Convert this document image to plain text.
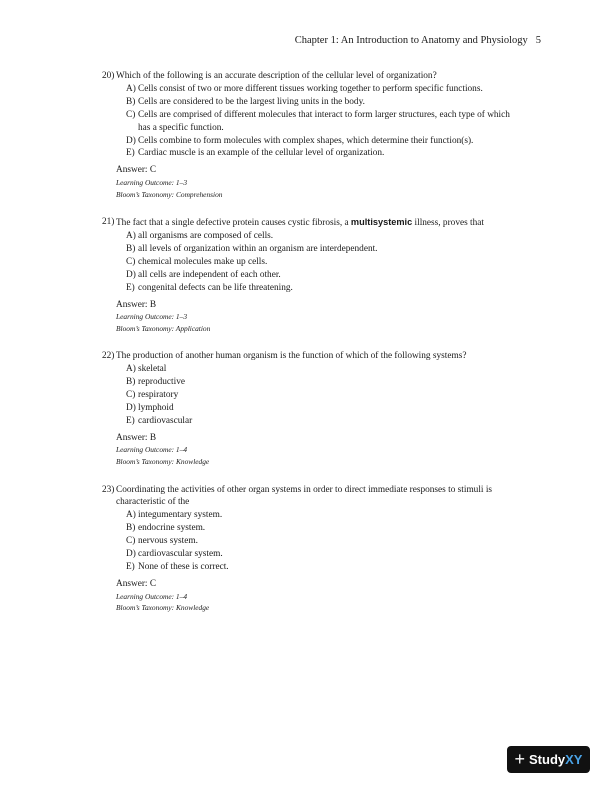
Chapter 1: An Introduction to Anatomy and Physiology 5
20) Which of the following is an accurate description of the cellular level of organization?
A) Cells consist of two or more different tissues working together to perform specific functions.
B) Cells are considered to be the largest living units in the body.
C) Cells are comprised of different molecules that interact to form larger structures, each type of which has a specific function.
D) Cells combine to form molecules with complex shapes, which determine their function(s).
E) Cardiac muscle is an example of the cellular level of organization.
Answer: C
Learning Outcome: 1–3
Bloom’s Taxonomy: Comprehension
21) The fact that a single defective protein causes cystic fibrosis, a multisystemic illness, proves that
A) all organisms are composed of cells.
B) all levels of organization within an organism are interdependent.
C) chemical molecules make up cells.
D) all cells are independent of each other.
E) congenital defects can be life threatening.
Answer: B
Learning Outcome: 1–3
Bloom’s Taxonomy: Application
22) The production of another human organism is the function of which of the following systems?
A) skeletal
B) reproductive
C) respiratory
D) lymphoid
E) cardiovascular
Answer: B
Learning Outcome: 1–4
Bloom’s Taxonomy: Knowledge
23) Coordinating the activities of other organ systems in order to direct immediate responses to stimuli is characteristic of the
A) integumentary system.
B) endocrine system.
C) nervous system.
D) cardiovascular system.
E) None of these is correct.
Answer: C
Learning Outcome: 1–4
Bloom’s Taxonomy: Knowledge
+ Study XY
